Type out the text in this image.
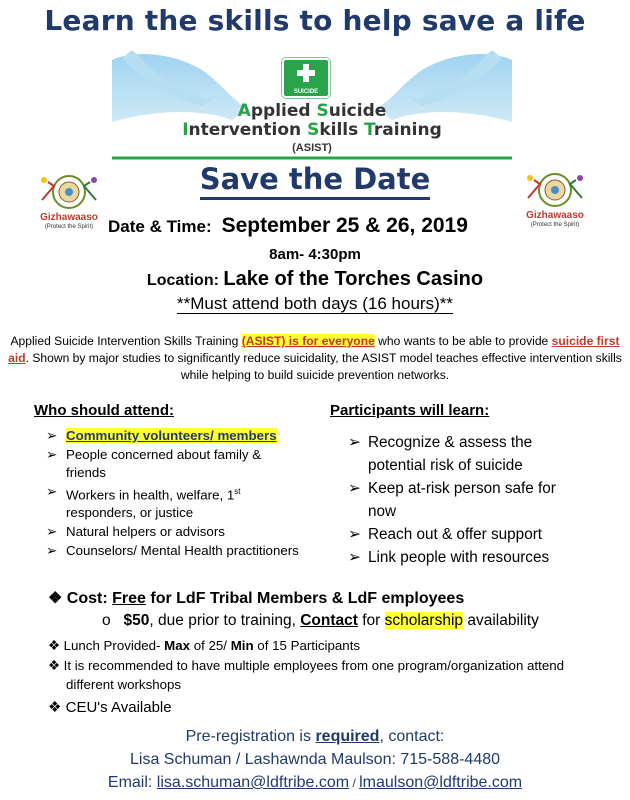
Learn the skills to help save a life
SUICIDE
Applied Suicide
Intervention Skills Training
(ASIST)
Save the Date
Gizhawaaso
(Protect the Spirit)
Gizhawaaso
(Protect the Spirit)
Date & Time: September 25 & 26, 2019
8am- 4:30pm
Location: Lake of the Torches Casino
**Must attend both days (16 hours)**
Applied Suicide Intervention Skills Training (ASIST) is for everyone who wants to be able to provide suicide first aid. Shown by major studies to significantly reduce suicidality, the ASIST model teaches effective intervention skills while helping to build suicide prevention networks.
Who should attend:	Participants will learn:
➢ Community volunteers/ members
➢ People concerned about family & friends
➢ Workers in health, welfare, 1st responders, or justice
➢ Natural helpers or advisors
➢ Counselors/ Mental Health practitioners
➢ Recognize & assess the potential risk of suicide
➢ Keep at-risk person safe for now
➢ Reach out & offer support
➢ Link people with resources
❖ Cost: Free for LdF Tribal Members & LdF employees
o   $50, due prior to training, Contact for scholarship availability
❖ Lunch Provided- Max of 25/ Min of 15 Participants
❖ It is recommended to have multiple employees from one program/organization attend different workshops
❖ CEU's Available
Pre-registration is required, contact:
Lisa Schuman / Lashawnda Maulson: 715-588-4480
Email: lisa.schuman@ldftribe.com / lmaulson@ldftribe.com
